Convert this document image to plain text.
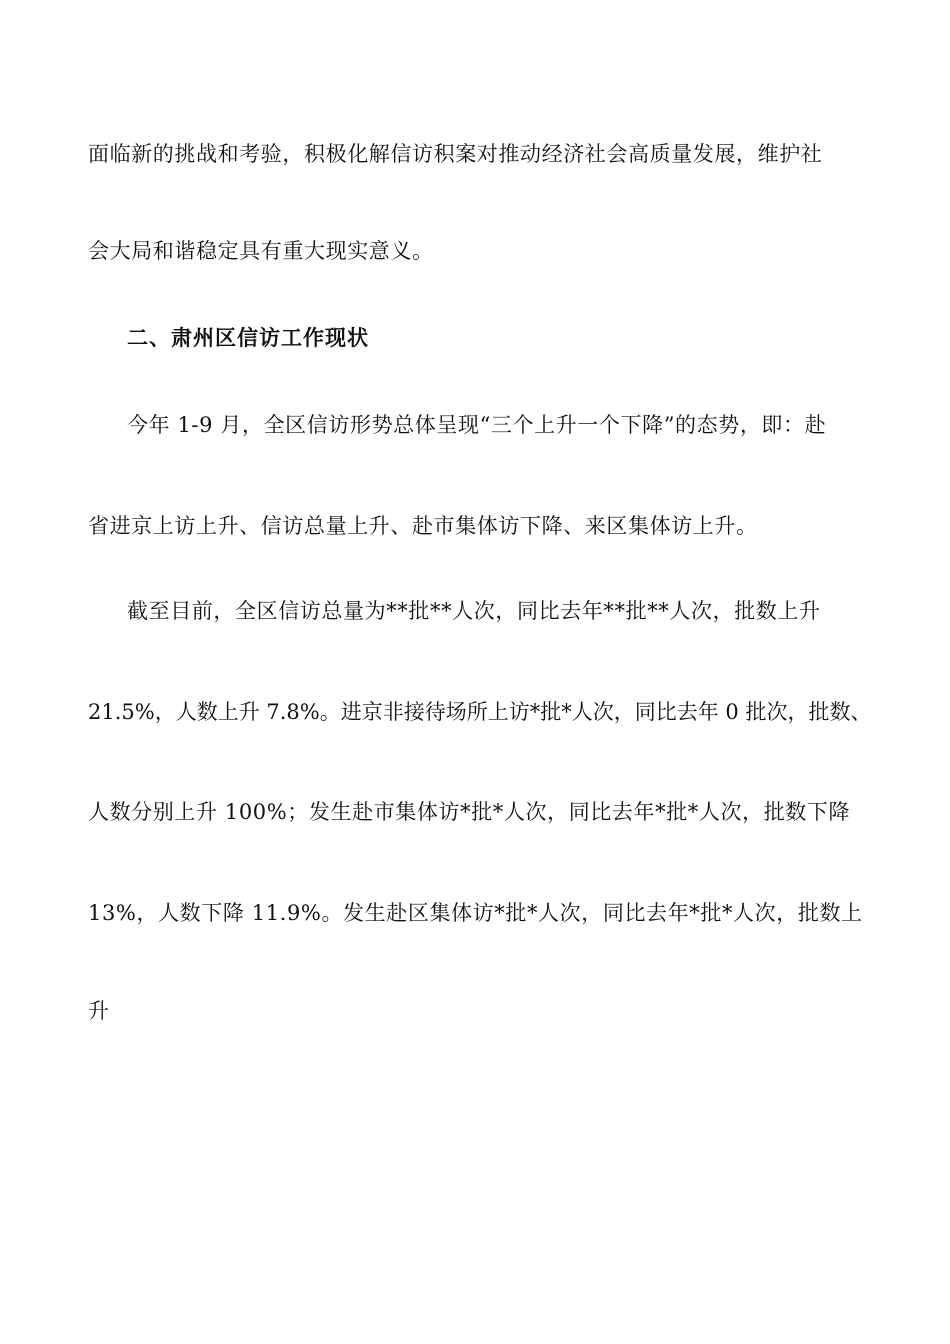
面临新的挑战和考验，积极化解信访积案对推动经济社会高质量发展，维护社
会大局和谐稳定具有重大现实意义。
二、肃州区信访工作现状
今年 1-9 月，全区信访形势总体呈现“三个上升一个下降”的态势，即：赴
省进京上访上升、信访总量上升、赴市集体访下降、来区集体访上升。
截至目前，全区信访总量为**批**人次，同比去年**批**人次，批数上升
21.5%，人数上升 7.8%。进京非接待场所上访*批*人次，同比去年 0 批次，批数、
人数分别上升 100%；发生赴市集体访*批*人次，同比去年*批*人次，批数下降
13%，人数下降 11.9%。发生赴区集体访*批*人次，同比去年*批*人次，批数上
升
